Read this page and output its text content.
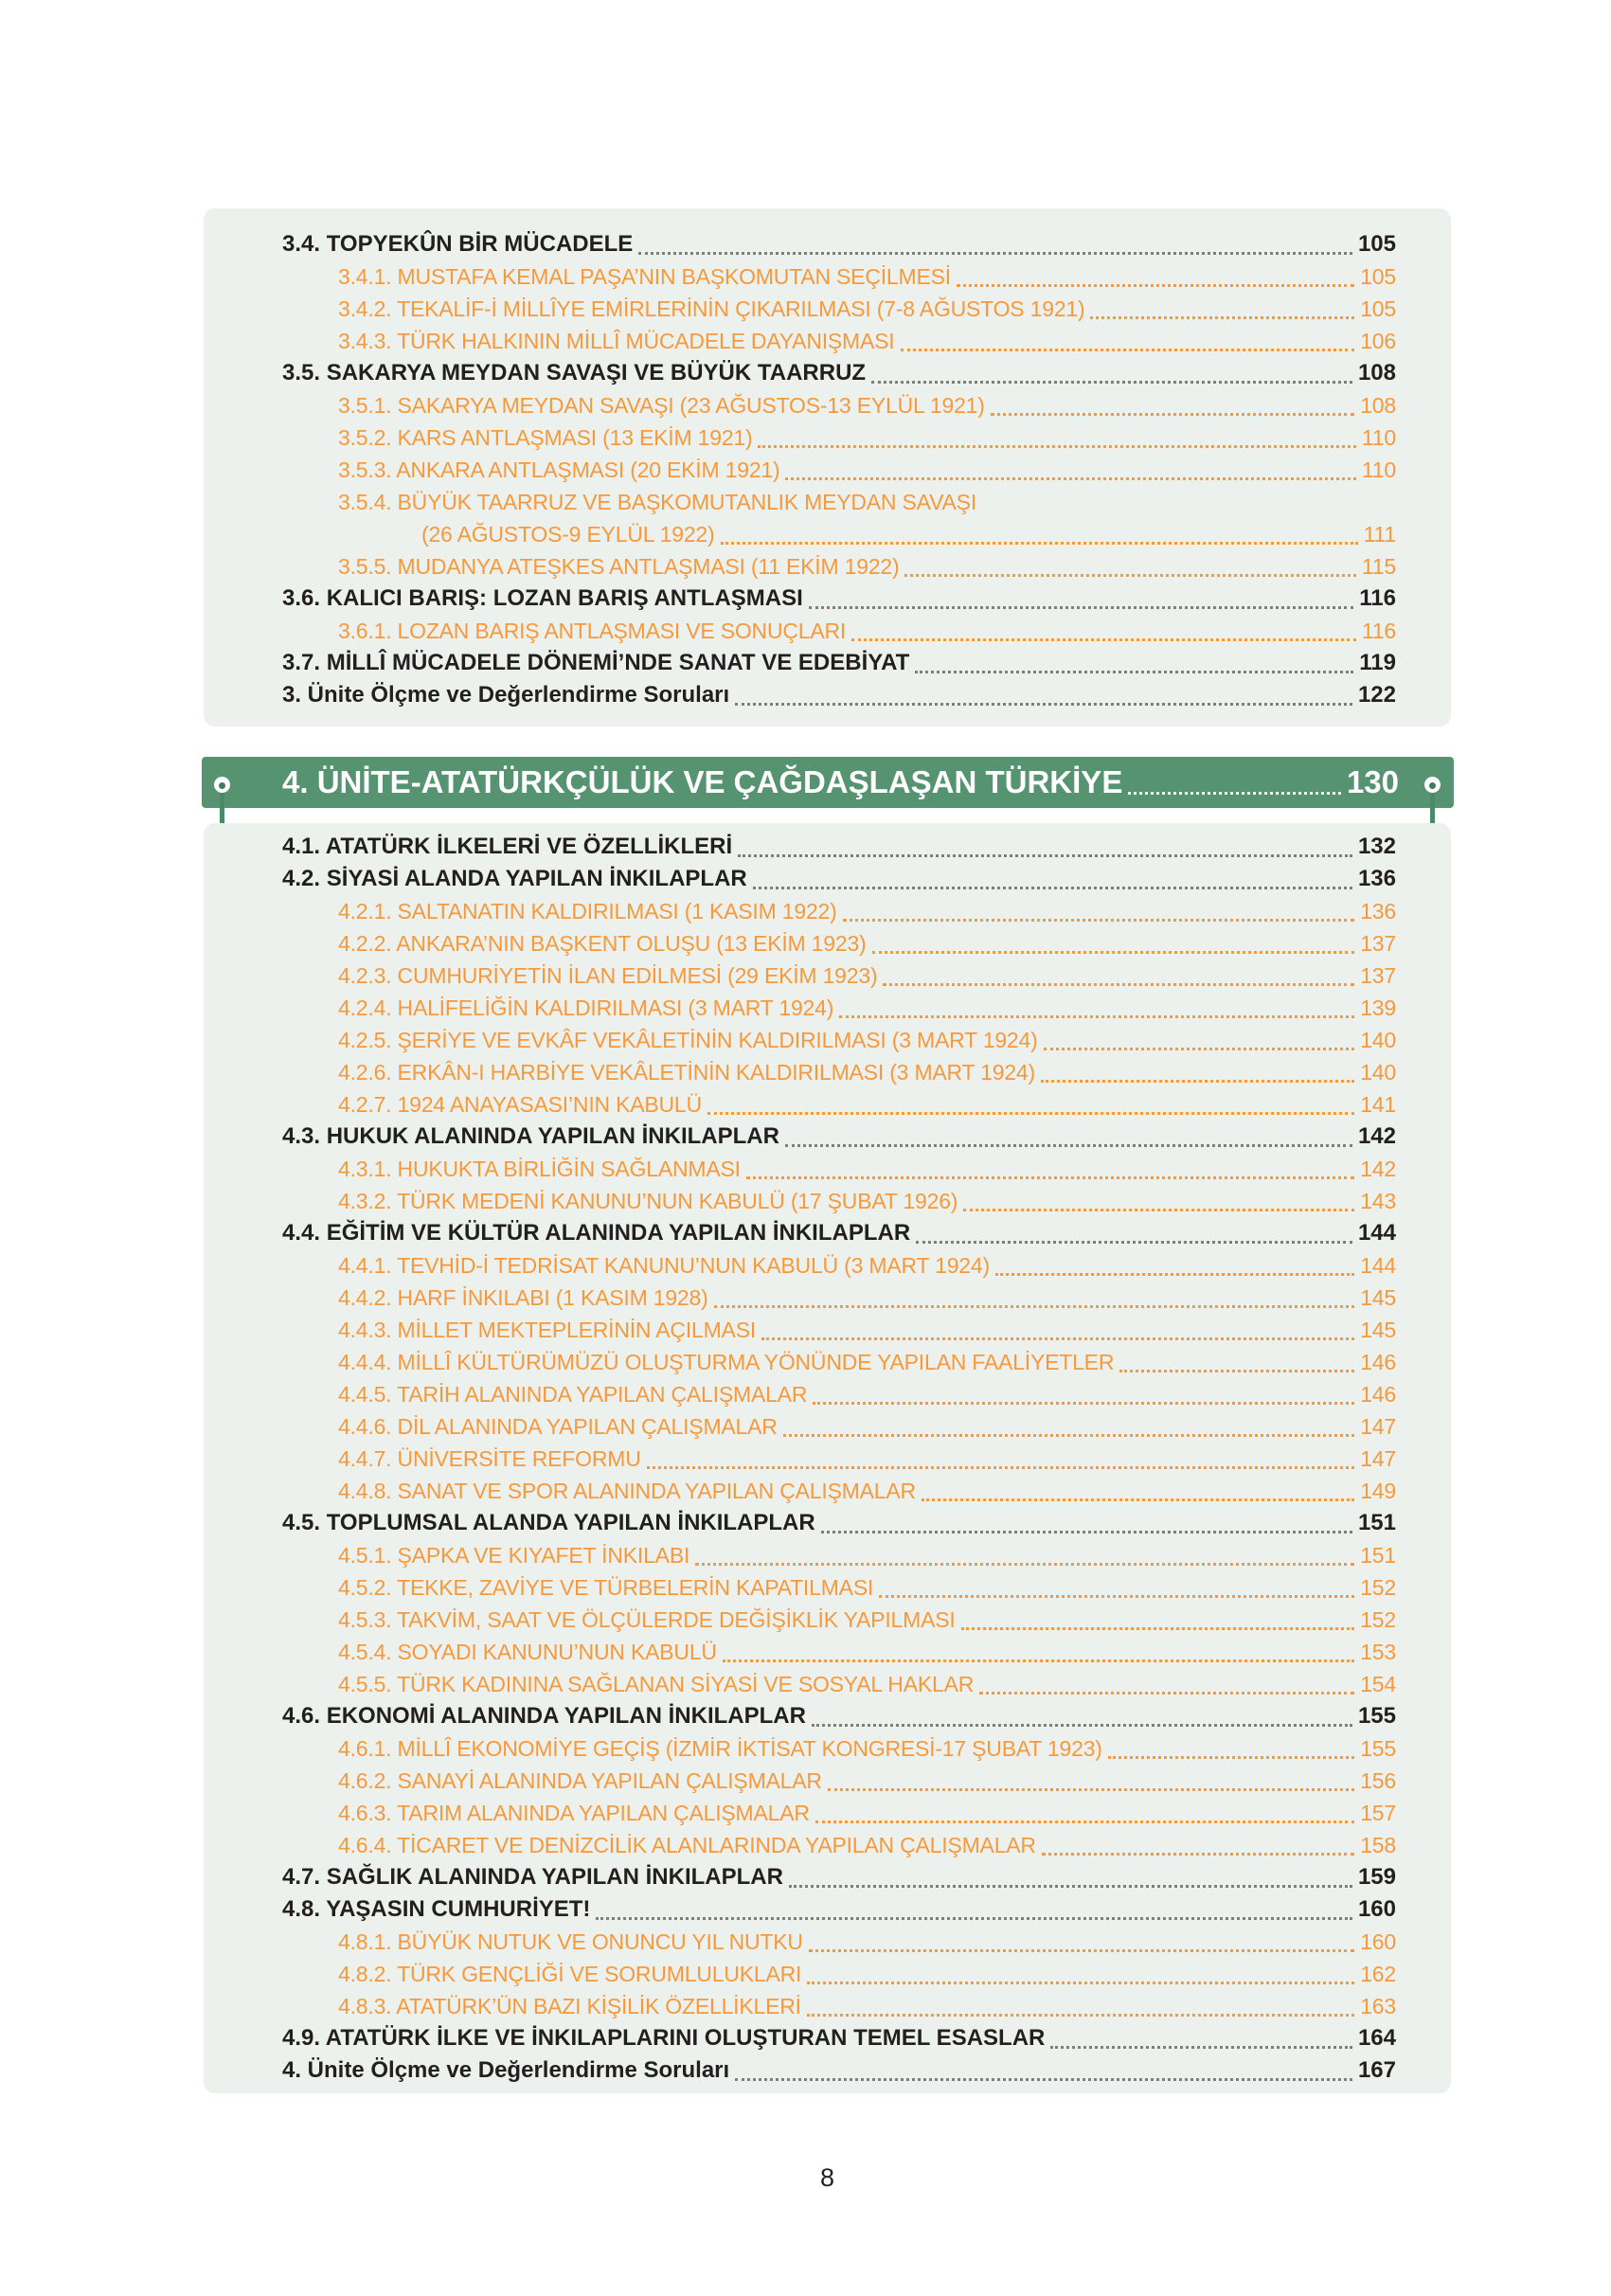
3.4. TOPYEKÛN BİR MÜCADELE	105
3.4.1. MUSTAFA KEMAL PAŞA’NIN BAŞKOMUTAN SEÇİLMESİ	105
3.4.2. TEKALİF-İ MİLLÎYE EMİRLERİNİN ÇIKARILMASI (7-8 AĞUSTOS 1921)	105
3.4.3. TÜRK HALKININ MİLLÎ MÜCADELE DAYANIŞMASI	106
3.5. SAKARYA MEYDAN SAVAŞI VE BÜYÜK TAARRUZ	108
3.5.1. SAKARYA MEYDAN SAVAŞI (23 AĞUSTOS-13 EYLÜL 1921)	108
3.5.2. KARS ANTLAŞMASI (13 EKİM 1921)	110
3.5.3. ANKARA ANTLAŞMASI (20 EKİM 1921)	110
3.5.4. BÜYÜK TAARRUZ VE BAŞKOMUTANLIK MEYDAN SAVAŞI
(26 AĞUSTOS-9 EYLÜL 1922)	111
3.5.5. MUDANYA ATEŞKES ANTLAŞMASI (11 EKİM 1922)	115
3.6. KALICI BARIŞ: LOZAN BARIŞ ANTLAŞMASI	116
3.6.1. LOZAN BARIŞ ANTLAŞMASI VE SONUÇLARI	116
3.7. MİLLÎ MÜCADELE DÖNEMİ’NDE SANAT VE EDEBİYAT	119
3. Ünite Ölçme ve Değerlendirme Soruları	122
4. ÜNİTE-ATATÜRKÇÜLÜK VE ÇAĞDAŞLAŞAN TÜRKİYE	130
4.1. ATATÜRK İLKELERİ VE ÖZELLİKLERİ	132
4.2. SİYASİ ALANDA YAPILAN İNKILAPLAR	136
4.2.1. SALTANATIN KALDIRILMASI (1 KASIM 1922)	136
4.2.2. ANKARA’NIN BAŞKENT OLUŞU (13 EKİM 1923)	137
4.2.3. CUMHURİYETİN İLAN EDİLMESİ (29 EKİM 1923)	137
4.2.4. HALİFELİĞİN KALDIRILMASI (3 MART 1924)	139
4.2.5. ŞERİYE VE EVKÂF VEKÂLETİNİN KALDIRILMASI (3 MART 1924)	140
4.2.6. ERKÂN-I HARBİYE VEKÂLETİNİN KALDIRILMASI (3 MART 1924)	140
4.2.7. 1924 ANAYASASI’NIN KABULÜ	141
4.3. HUKUK ALANINDA YAPILAN İNKILAPLAR	142
4.3.1. HUKUKTA BİRLİĞİN SAĞLANMASI	142
4.3.2. TÜRK MEDENİ KANUNU’NUN KABULÜ (17 ŞUBAT 1926)	143
4.4. EĞİTİM VE KÜLTÜR ALANINDA YAPILAN İNKILAPLAR	144
4.4.1. TEVHİD-İ TEDRİSAT KANUNU’NUN KABULÜ (3 MART 1924)	144
4.4.2. HARF İNKILABI (1 KASIM 1928)	145
4.4.3. MİLLET MEKTEPLERİNİN AÇILMASI	145
4.4.4. MİLLÎ KÜLTÜRÜMÜZÜ OLUŞTURMA YÖNÜNDE YAPILAN FAALİYETLER	146
4.4.5. TARİH ALANINDA YAPILAN ÇALIŞMALAR	146
4.4.6. DİL ALANINDA YAPILAN ÇALIŞMALAR	147
4.4.7. ÜNİVERSİTE REFORMU	147
4.4.8. SANAT VE SPOR ALANINDA YAPILAN ÇALIŞMALAR	149
4.5. TOPLUMSAL ALANDA YAPILAN İNKILAPLAR	151
4.5.1. ŞAPKA VE KIYAFET İNKILABI	151
4.5.2. TEKKE, ZAVİYE VE TÜRBELERİN KAPATILMASI	152
4.5.3. TAKVİM, SAAT VE ÖLÇÜLERDE DEĞİŞİKLİK YAPILMASI	152
4.5.4. SOYADI KANUNU’NUN KABULÜ	153
4.5.5. TÜRK KADININA SAĞLANAN SİYASİ VE SOSYAL HAKLAR	154
4.6. EKONOMİ ALANINDA YAPILAN İNKILAPLAR	155
4.6.1. MİLLÎ EKONOMİYE GEÇİŞ (İZMİR İKTİSAT KONGRESİ-17 ŞUBAT 1923)	155
4.6.2. SANAYİ ALANINDA YAPILAN ÇALIŞMALAR	156
4.6.3. TARIM ALANINDA YAPILAN ÇALIŞMALAR	157
4.6.4. TİCARET VE DENİZCİLİK ALANLARINDA YAPILAN ÇALIŞMALAR	158
4.7. SAĞLIK ALANINDA YAPILAN İNKILAPLAR	159
4.8. YAŞASIN CUMHURİYET!	160
4.8.1. BÜYÜK NUTUK VE ONUNCU YIL NUTKU	160
4.8.2. TÜRK GENÇLİĞİ VE SORUMLULUKLARI	162
4.8.3. ATATÜRK’ÜN BAZI KİŞİLİK ÖZELLİKLERİ	163
4.9. ATATÜRK İLKE VE İNKILAPLARINI OLUŞTURAN TEMEL ESASLAR	164
4. Ünite Ölçme ve Değerlendirme Soruları	167
8
